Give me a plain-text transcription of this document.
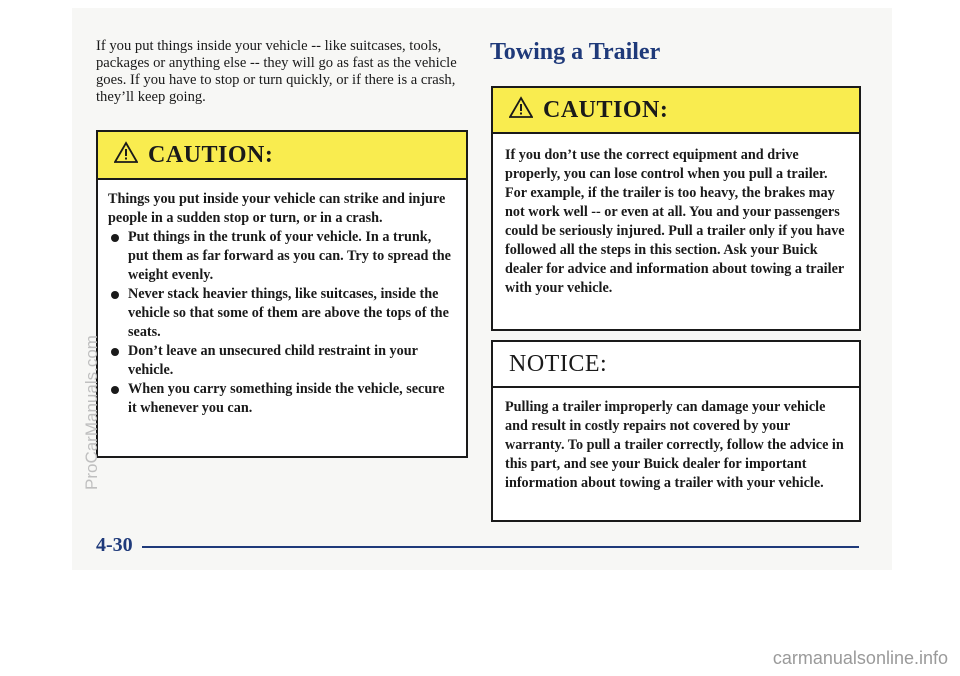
If you put things inside your vehicle -- like suitcases, tools, packages or anything else -- they will go as fast as the vehicle goes. If you have to stop or turn quickly, or if there is a crash, they’ll keep going.

CAUTION:

Things you put inside your vehicle can strike and injure people in a sudden stop or turn, or in a crash.

Put things in the trunk of your vehicle. In a trunk, put them as far forward as you can. Try to spread the weight evenly.
Never stack heavier things, like suitcases, inside the vehicle so that some of them are above the tops of the seats.
Don’t leave an unsecured child restraint in your vehicle.
When you carry something inside the vehicle, secure it whenever you can.
Towing a Trailer
CAUTION:

If you don’t use the correct equipment and drive properly, you can lose control when you pull a trailer. For example, if the trailer is too heavy, the brakes may not work well -- or even at all. You and your passengers could be seriously injured. Pull a trailer only if you have followed all the steps in this section. Ask your Buick dealer for advice and information about towing a trailer with your vehicle.

NOTICE:

Pulling a trailer improperly can damage your vehicle and result in costly repairs not covered by your warranty. To pull a trailer correctly, follow the advice in this part, and see your Buick dealer for important information about towing a trailer with your vehicle.

4-30
ProCarManuals.com
carmanualsonline.info
